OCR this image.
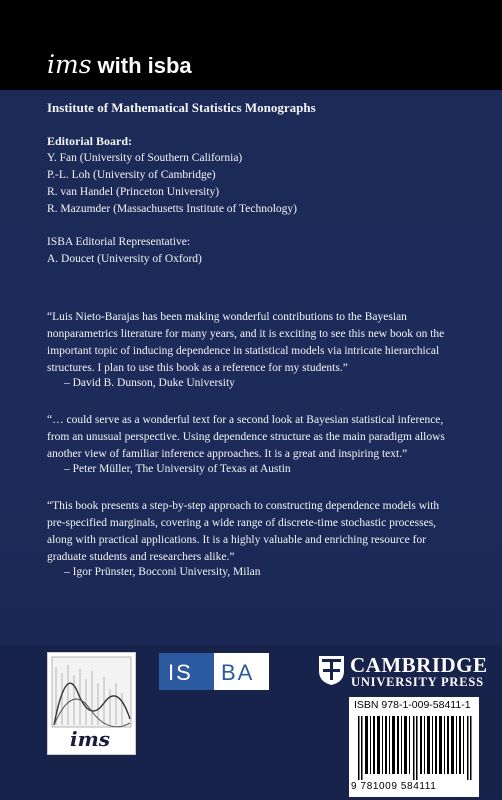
ims with isba
Institute of Mathematical Statistics Monographs
Editorial Board:
Y. Fan (University of Southern California)
P.-L. Loh (University of Cambridge)
R. van Handel (Princeton University)
R. Mazumder (Massachusetts Institute of Technology)
ISBA Editorial Representative:
A. Doucet (University of Oxford)
“Luis Nieto-Barajas has been making wonderful contributions to the Bayesian
nonparametrics literature for many years, and it is exciting to see this new book on the
important topic of inducing dependence in statistical models via intricate hierarchical
structures. I plan to use this book as a reference for my students.”
– David B. Dunson, Duke University
“… could serve as a wonderful text for a second look at Bayesian statistical inference,
from an unusual perspective. Using dependence structure as the main paradigm allows
another view of familiar inference approaches. It is a great and inspiring text.”
– Peter Müller, The University of Texas at Austin
“This book presents a step-by-step approach to constructing dependence models with
pre-specified marginals, covering a wide range of discrete-time stochastic processes,
along with practical applications. It is a highly valuable and enriching resource for
graduate students and researchers alike.”
– Igor Prünster, Bocconi University, Milan
ims
IS BA	CAMBRIDGE
UNIVERSITY PRESS
ISBN 978-1-009-58411-1
9 781009 584111
